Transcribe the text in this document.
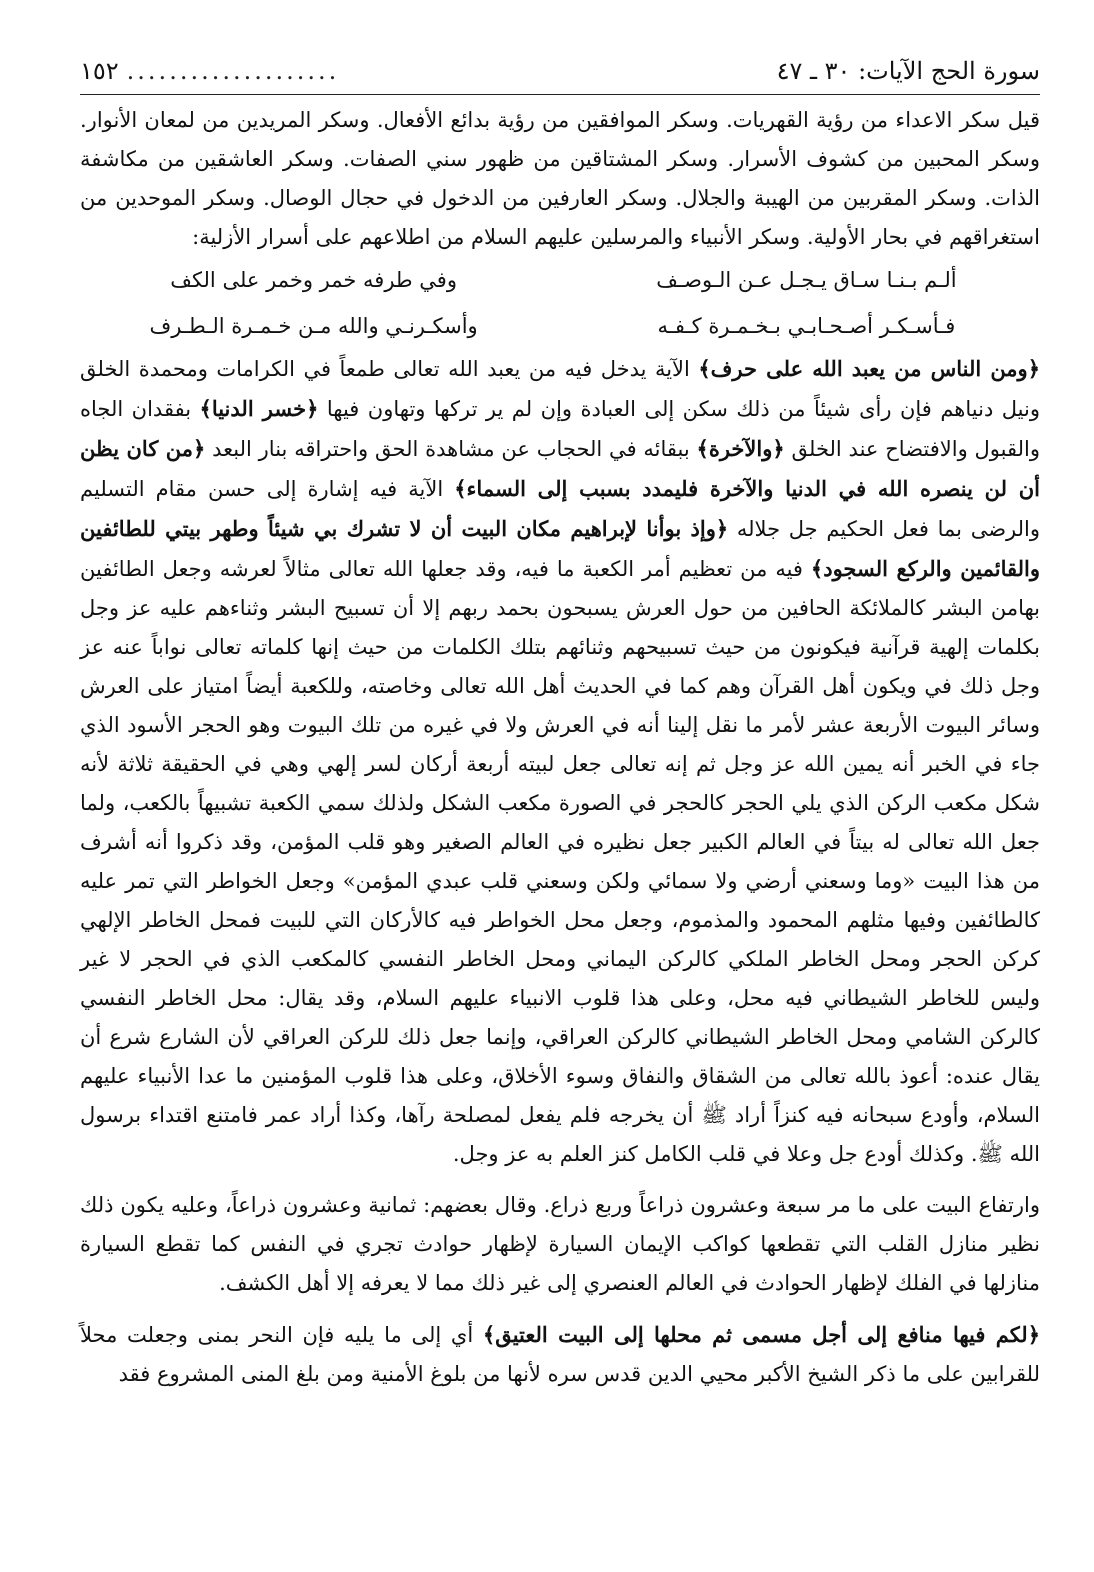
سورة الحج الآيات: ٣٠ ـ ٤٧
....................
١٥٢

قيل سكر الاعداء من رؤية القهريات. وسكر الموافقين من رؤية بدائع الأفعال. وسكر المريدين من لمعان الأنوار. وسكر المحبين من كشوف الأسرار. وسكر المشتاقين من ظهور سني الصفات. وسكر العاشقين من مكاشفة الذات. وسكر المقربين من الهيبة والجلال. وسكر العارفين من الدخول في حجال الوصال. وسكر الموحدين من استغراقهم في بحار الأولية. وسكر الأنبياء والمرسلين عليهم السلام من اطلاعهم على أسرار الأزلية:

ألـم بـنـا سـاق يـجـل عـن الـوصـف
وفي طرفه خمر وخمر على الكف
فـأسـكـر أصـحـابـي بـخـمـرة كـفـه
وأسكـرنـي والله مـن خـمـرة الـطـرف

﴿ومن الناس من يعبد الله على حرف﴾ الآية يدخل فيه من يعبد الله تعالى طمعاً في الكرامات ومحمدة الخلق ونيل دنياهم فإن رأى شيئاً من ذلك سكن إلى العبادة وإن لم ير تركها وتهاون فيها ﴿خسر الدنيا﴾ بفقدان الجاه والقبول والافتضاح عند الخلق ﴿والآخرة﴾ ببقائه في الحجاب عن مشاهدة الحق واحتراقه بنار البعد ﴿من كان يظن أن لن ينصره الله في الدنيا والآخرة فليمدد بسبب إلى السماء﴾ الآية فيه إشارة إلى حسن مقام التسليم والرضى بما فعل الحكيم جل جلاله ﴿وإذ بوأنا لإبراهيم مكان البيت أن لا تشرك بي شيئاً وطهر بيتي للطائفين والقائمين والركع السجود﴾ فيه من تعظيم أمر الكعبة ما فيه، وقد جعلها الله تعالى مثالاً لعرشه وجعل الطائفين بهامن البشر كالملائكة الحافين من حول العرش يسبحون بحمد ربهم إلا أن تسبيح البشر وثناءهم عليه عز وجل بكلمات إلهية قرآنية فيكونون من حيث تسبيحهم وثنائهم بتلك الكلمات من حيث إنها كلماته تعالى نواباً عنه عز وجل ذلك في ويكون أهل القرآن وهم كما في الحديث أهل الله تعالى وخاصته، وللكعبة أيضاً امتياز على العرش وسائر البيوت الأربعة عشر لأمر ما نقل إلينا أنه في العرش ولا في غيره من تلك البيوت وهو الحجر الأسود الذي جاء في الخبر أنه يمين الله عز وجل ثم إنه تعالى جعل لبيته أربعة أركان لسر إلهي وهي في الحقيقة ثلاثة لأنه شكل مكعب الركن الذي يلي الحجر كالحجر في الصورة مكعب الشكل ولذلك سمي الكعبة تشبيهاً بالكعب، ولما جعل الله تعالى له بيتاً في العالم الكبير جعل نظيره في العالم الصغير وهو قلب المؤمن، وقد ذكروا أنه أشرف من هذا البيت «وما وسعني أرضي ولا سمائي ولكن وسعني قلب عبدي المؤمن» وجعل الخواطر التي تمر عليه كالطائفين وفيها مثلهم المحمود والمذموم، وجعل محل الخواطر فيه كالأركان التي للبيت فمحل الخاطر الإلهي كركن الحجر ومحل الخاطر الملكي كالركن اليماني ومحل الخاطر النفسي كالمكعب الذي في الحجر لا غير وليس للخاطر الشيطاني فيه محل، وعلى هذا قلوب الانبياء عليهم السلام، وقد يقال: محل الخاطر النفسي كالركن الشامي ومحل الخاطر الشيطاني كالركن العراقي، وإنما جعل ذلك للركن العراقي لأن الشارع شرع أن يقال عنده: أعوذ بالله تعالى من الشقاق والنفاق وسوء الأخلاق، وعلى هذا قلوب المؤمنين ما عدا الأنبياء عليهم السلام، وأودع سبحانه فيه كنزاً أراد ﷺ أن يخرجه فلم يفعل لمصلحة رآها، وكذا أراد عمر فامتنع اقتداء برسول الله ﷺ. وكذلك أودع جل وعلا في قلب الكامل كنز العلم به عز وجل.

وارتفاع البيت على ما مر سبعة وعشرون ذراعاً وربع ذراع. وقال بعضهم: ثمانية وعشرون ذراعاً، وعليه يكون ذلك نظير منازل القلب التي تقطعها كواكب الإيمان السيارة لإظهار حوادث تجري في النفس كما تقطع السيارة منازلها في الفلك لإظهار الحوادث في العالم العنصري إلى غير ذلك مما لا يعرفه إلا أهل الكشف.

﴿لكم فيها منافع إلى أجل مسمى ثم محلها إلى البيت العتيق﴾ أي إلى ما يليه فإن النحر بمنى وجعلت محلاً للقرابين على ما ذكر الشيخ الأكبر محيي الدين قدس سره لأنها من بلوغ الأمنية ومن بلغ المنى المشروع فقد
